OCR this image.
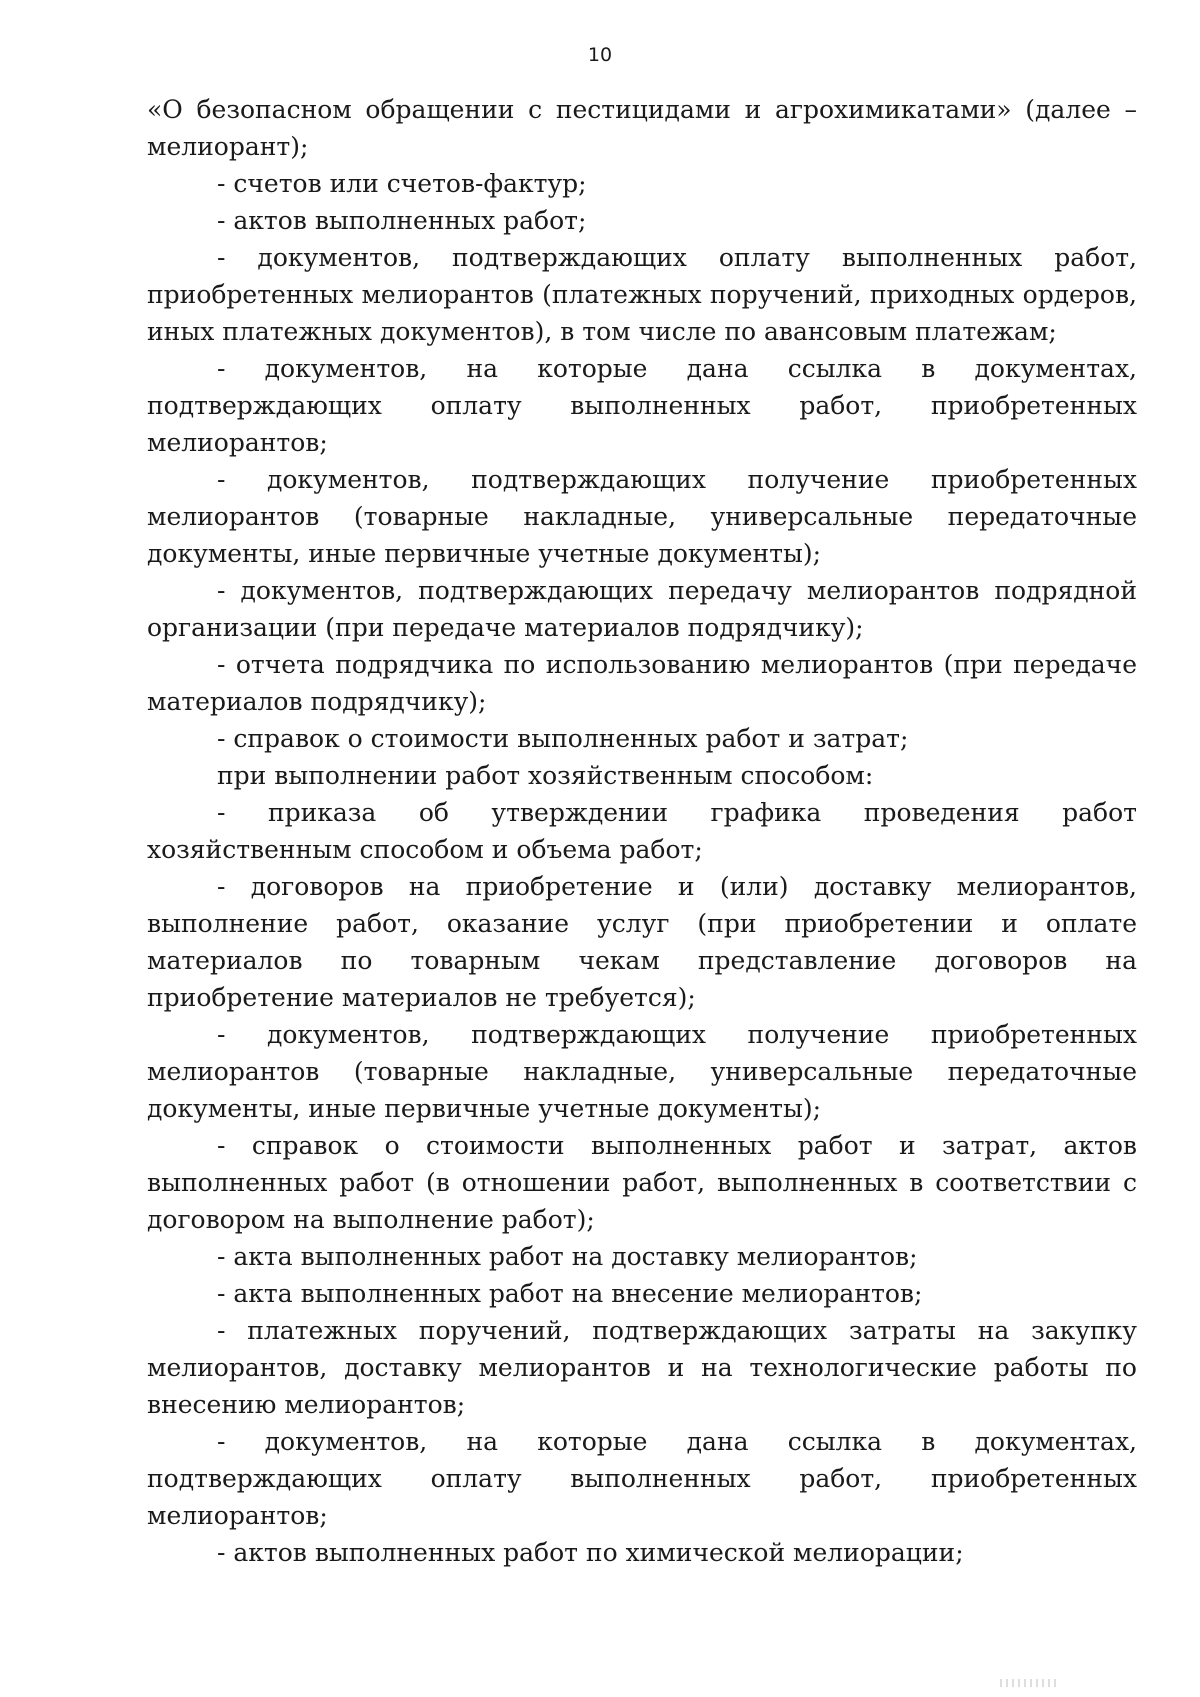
10

«О безопасном обращении с пестицидами и агрохимикатами» (далее – мелиорант);

- счетов или счетов-фактур;

- актов выполненных работ;

- документов, подтверждающих оплату выполненных работ, приобретенных мелиорантов (платежных поручений, приходных ордеров, иных платежных документов), в том числе по авансовым платежам;

- документов, на которые дана ссылка в документах, подтверждающих оплату выполненных работ, приобретенных мелиорантов;

- документов, подтверждающих получение приобретенных мелиорантов (товарные накладные, универсальные передаточные документы, иные первичные учетные документы);

- документов, подтверждающих передачу мелиорантов подрядной организации (при передаче материалов подрядчику);

- отчета подрядчика по использованию мелиорантов (при передаче материалов подрядчику);

- справок о стоимости выполненных работ и затрат;

при выполнении работ хозяйственным способом:

- приказа об утверждении графика проведения работ хозяйственным способом и объема работ;

- договоров на приобретение и (или) доставку мелиорантов, выполнение работ, оказание услуг (при приобретении и оплате материалов по товарным чекам представление договоров на приобретение материалов не требуется);

- документов, подтверждающих получение приобретенных мелиорантов (товарные накладные, универсальные передаточные документы, иные первичные учетные документы);

- справок о стоимости выполненных работ и затрат, актов выполненных работ (в отношении работ, выполненных в соответствии с договором на выполнение работ);

- акта выполненных работ на доставку мелиорантов;

- акта выполненных работ на внесение мелиорантов;

- платежных поручений, подтверждающих затраты на закупку мелиорантов, доставку мелиорантов и на технологические работы по внесению мелиорантов;

- документов, на которые дана ссылка в документах, подтверждающих оплату выполненных работ, приобретенных мелиорантов;

- актов выполненных работ по химической мелиорации;
